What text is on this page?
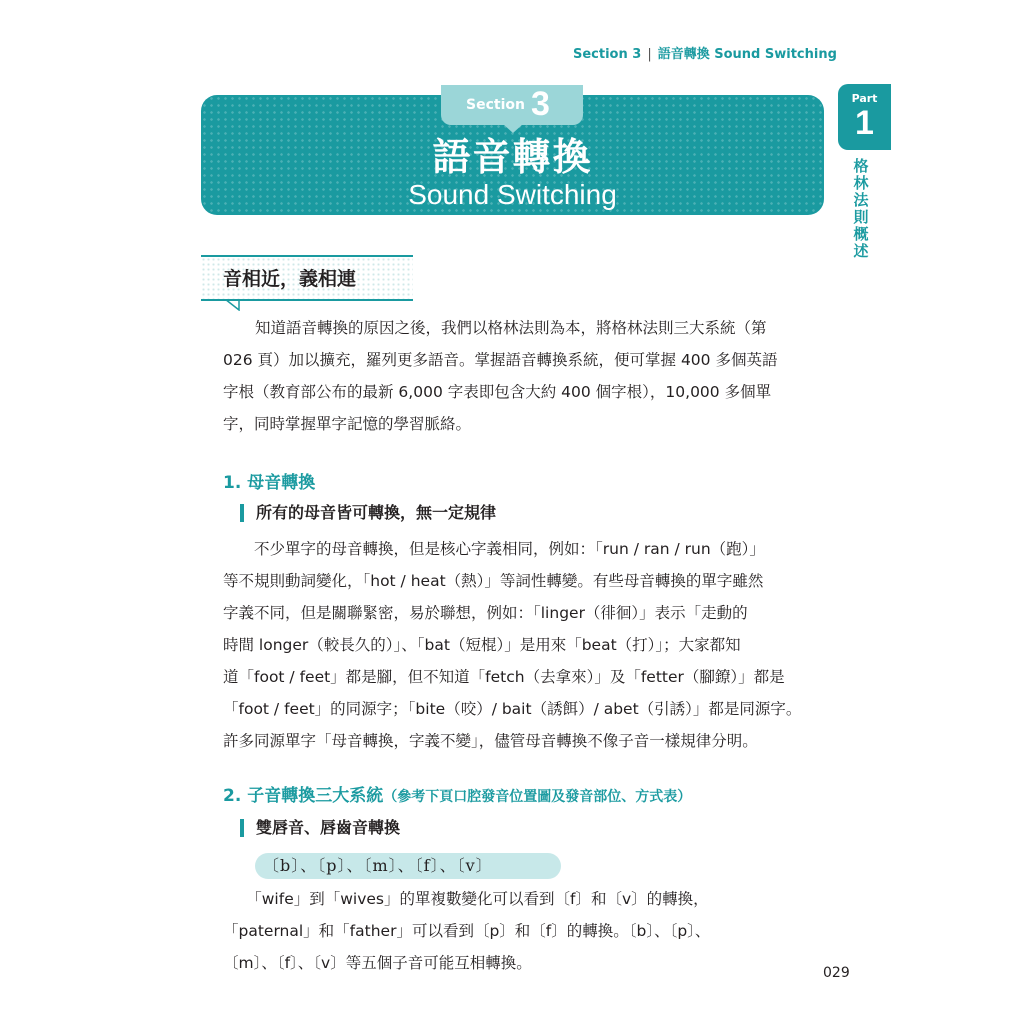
Section 3 | 語音轉換 Sound Switching
Part
1
格
林
法
則
概
述
Section 3
語音轉換
Sound Switching
音相近，義相連

知道語音轉換的原因之後，我們以格林法則為本，將格林法則三大系統（第

026 頁）加以擴充，羅列更多語音。掌握語音轉換系統，便可掌握 400 多個英語

字根（教育部公布的最新 6,000 字表即包含大約 400 個字根），10,000 多個單

字，同時掌握單字記憶的學習脈絡。

1. 母音轉換
所有的母音皆可轉換，無一定規律

　　不少單字的母音轉換，但是核心字義相同，例如：「run / ran / run（跑）」

等不規則動詞變化，「hot / heat（熱）」等詞性轉變。有些母音轉換的單字雖然

字義不同，但是關聯緊密，易於聯想，例如：「linger（徘徊）」表示「走動的

時間 longer（較長久的）」、「bat（短棍）」是用來「beat（打）」；大家都知

道「foot / feet」都是腳，但不知道「fetch（去拿來）」及「fetter（腳鐐）」都是

「foot / feet」的同源字；「bite（咬）/ bait（誘餌）/ abet（引誘）」都是同源字。

許多同源單字「母音轉換，字義不變」，儘管母音轉換不像子音一樣規律分明。

2. 子音轉換三大系統（參考下頁口腔發音位置圖及發音部位、方式表）
雙唇音、唇齒音轉換
〔b〕、〔p〕、〔m〕、〔f〕、〔v〕

　　「wife」到「wives」的單複數變化可以看到〔f〕和〔v〕的轉換，

「paternal」和「father」可以看到〔p〕和〔f〕的轉換。〔b〕、〔p〕、

〔m〕、〔f〕、〔v〕等五個子音可能互相轉換。

029
